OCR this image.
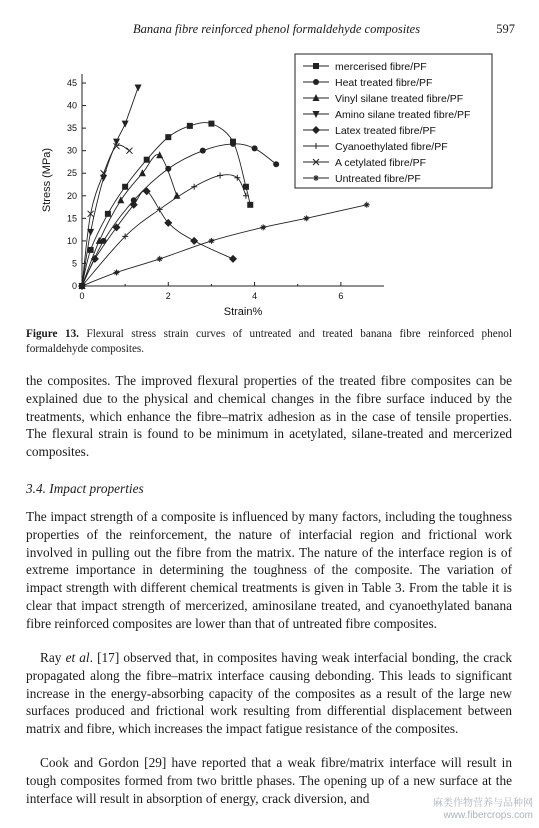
Banana fibre reinforced phenol formaldehyde composites	597
0	2	4	6
0
5
10
15
20
25
30
35
40
45
Strain%
Stress (MPa)
mercerised fibre/PF
Heat treated fibre/PF
Vinyl silane treated fibre/PF
Amino silane treated fibre/PF
Latex treated fibre/PF
Cyanoethylated fibre/PF
A cetylated fibre/PF
Untreated fibre/PF
Figure 13. Flexural stress strain curves of untreated and treated banana fibre reinforced phenol formaldehyde composites.

the composites. The improved flexural properties of the treated fibre composites can be explained due to the physical and chemical changes in the fibre surface induced by the treatments, which enhance the fibre–matrix adhesion as in the case of tensile properties. The flexural strain is found to be minimum in acetylated, silane-treated and mercerized composites.

3.4. Impact properties

The impact strength of a composite is influenced by many factors, including the toughness properties of the reinforcement, the nature of interfacial region and frictional work involved in pulling out the fibre from the matrix. The nature of the interface region is of extreme importance in determining the toughness of the composite. The variation of impact strength with different chemical treatments is given in Table 3. From the table it is clear that impact strength of mercerized, aminosilane treated, and cyanoethylated banana fibre reinforced composites are lower than that of untreated fibre composites.

Ray et al. [17] observed that, in composites having weak interfacial bonding, the crack propagated along the fibre–matrix interface causing debonding. This leads to significant increase in the energy-absorbing capacity of the composites as a result of the large new surfaces produced and frictional work resulting from differential displacement between matrix and fibre, which increases the impact fatigue resistance of the composites.

Cook and Gordon [29] have reported that a weak fibre/matrix interface will result in tough composites formed from two brittle phases. The opening up of a new surface at the interface will result in absorption of energy, crack diversion, and	麻类作物营养与品种网
www.fibercrops.com
